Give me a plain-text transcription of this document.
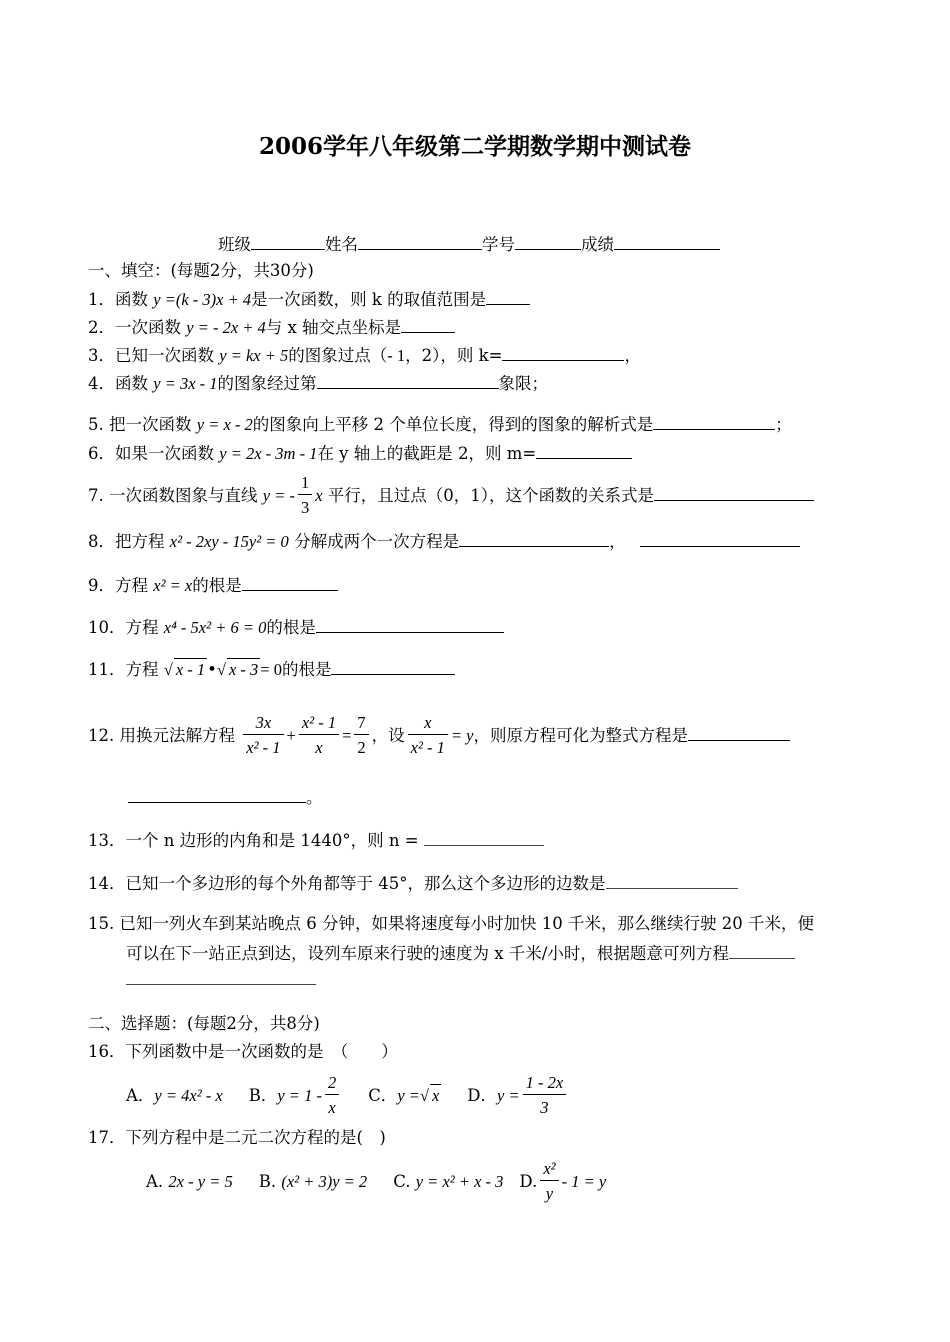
2006学年八年级第二学期数学期中测试卷
班级	姓名	学号	成绩
一、填空：(每题2分，共30分)
1．函数 y =(k - 3)x + 4是一次函数，则 k 的取值范围是
2．一次函数 y = - 2x + 4与 x 轴交点坐标是
3．已知一次函数 y = kx + 5的图象过点（- 1，2），则 k=	，
4．函数 y = 3x - 1的图象经过第	象限；
5. 把一次函数 y = x - 2的图象向上平移 2 个单位长度，得到的图象的解析式是	；
6．如果一次函数 y = 2x - 3m - 1在 y 轴上的截距是 2，则 m=
7. 一次函数图象与直线 y = - $\frac{1}{3}$ x 平行，且过点（0，1），这个函数的关系式是
8．把方程 x² - 2xy - 15y² = 0 分解成两个一次方程是	，
9．方程 x² = x的根是
10．方程 x⁴ - 5x² + 6 = 0的根是
11．方程 √ x - 1 •√ x - 3 = 0的根是
12. 用换元法解方程 $\frac{3x}{\text{x² - 1}} + \frac{\text{x² - 1}}{x} = \frac{7}{2}$ ，设 $\frac{x}{\text{x² - 1}} = y$，则原方程可化为整式方程是
。
13．一个 n 边形的内角和是 1440°，则 n =
14．已知一个多边形的每个外角都等于 45°，那么这个多边形的边数是
15. 已知一列火车到某站晚点 6 分钟，如果将速度每小时加快 10 千米，那么继续行驶 20 千米，便
可以在下一站正点到达，设列车原来行驶的速度为 x 千米/小时，根据题意可列方程
二、选择题：(每题2分，共8分)
16．下列函数中是一次函数的是　（　　）
A．y = 4x² - x B．$y = 1 - \frac{2}{x}$ C．y =√ x D．$y = \frac{1 - 2x}{3}$
17．下列方程中是二元二次方程的是(　)
A. 2x - y = 5 B. (x² + 3)y = 2 C. y = x² + x - 3 D. $\frac{\text{x²}}{y} - 1 = y$
